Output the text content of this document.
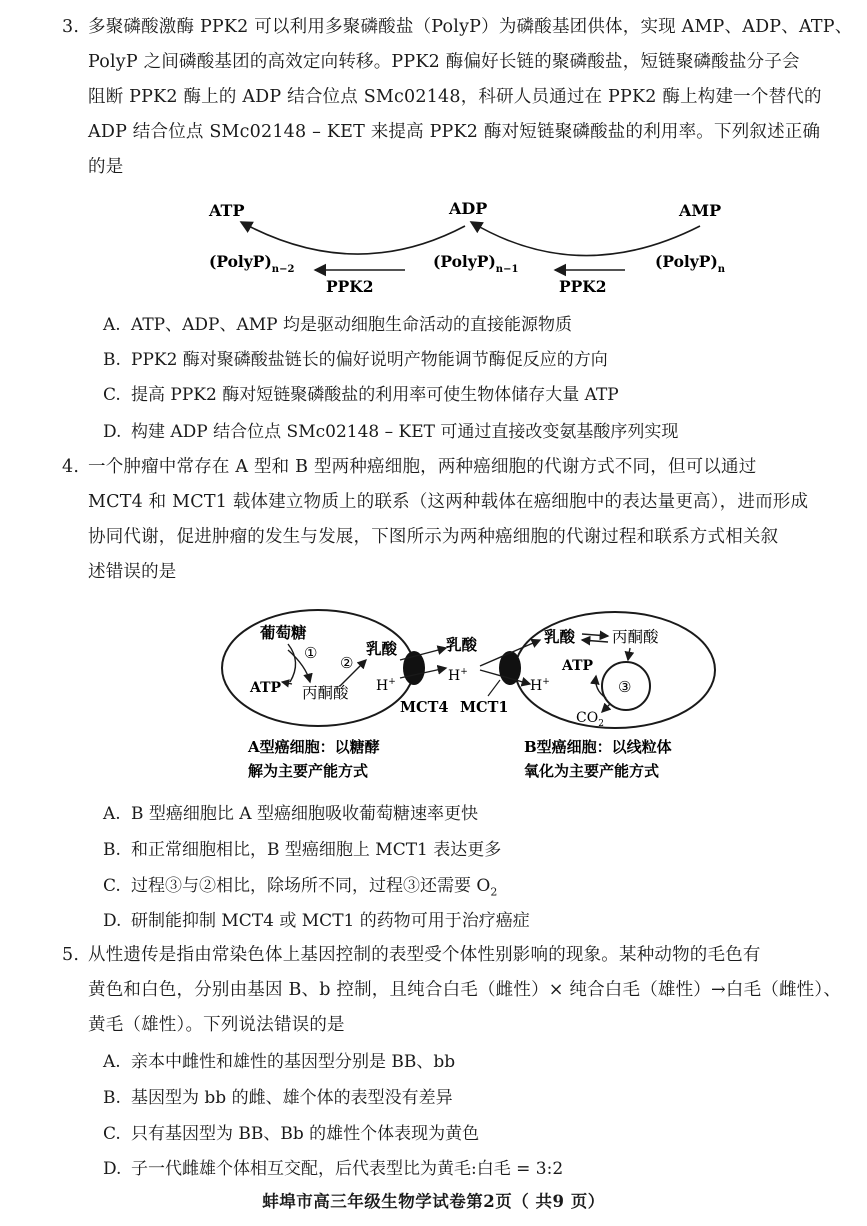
3. 多聚磷酸激酶 PPK2 可以利用多聚磷酸盐（PolyP）为磷酸基团供体，实现 AMP、ADP、ATP、
PolyP 之间磷酸基团的高效定向转移。PPK2 酶偏好长链的聚磷酸盐，短链聚磷酸盐分子会
阻断 PPK2 酶上的 ADP 结合位点 SMc02148，科研人员通过在 PPK2 酶上构建一个替代的
ADP 结合位点 SMc02148 – KET 来提高 PPK2 酶对短链聚磷酸盐的利用率。下列叙述正确
的是
ATP	ADP	AMP
$(PolyP)_{n-2}$	$(PolyP)_{n-1}$	$(PolyP)_n$
PPK2	PPK2
A. ATP、ADP、AMP 均是驱动细胞生命活动的直接能源物质
B. PPK2 酶对聚磷酸盐链长的偏好说明产物能调节酶促反应的方向
C. 提高 PPK2 酶对短链聚磷酸盐的利用率可使生物体储存大量 ATP
D. 构建 ADP 结合位点 SMc02148 – KET 可通过直接改变氨基酸序列实现
4. 一个肿瘤中常存在 A 型和 B 型两种癌细胞，两种癌细胞的代谢方式不同，但可以通过
MCT4 和 MCT1 载体建立物质上的联系（这两种载体在癌细胞中的表达量更高），进而形成
协同代谢，促进肿瘤的发生与发展，下图所示为两种癌细胞的代谢过程和联系方式相关叙
述错误的是
葡萄糖
①
ATP 丙酮酸
②
乳酸
H+
MCT4
乳酸
H+
MCT1
乳酸 丙酮酸
ATP
③
$CO_2$
H+
A型癌细胞：以糖酵
解为主要产能方式
B型癌细胞：以线粒体
氧化为主要产能方式
A. B 型癌细胞比 A 型癌细胞吸收葡萄糖速率更快
B. 和正常细胞相比，B 型癌细胞上 MCT1 表达更多
C. 过程③与②相比，除场所不同，过程③还需要 $O_2$
D. 研制能抑制 MCT4 或 MCT1 的药物可用于治疗癌症
5. 从性遗传是指由常染色体上基因控制的表型受个体性别影响的现象。某种动物的毛色有
黄色和白色，分别由基因 B、b 控制，且纯合白毛（雌性）× 纯合白毛（雄性）→白毛（雌性）、
黄毛（雄性）。下列说法错误的是
A. 亲本中雌性和雄性的基因型分别是 BB、bb
B. 基因型为 bb 的雌、雄个体的表型没有差异
C. 只有基因型为 BB、Bb 的雄性个体表现为黄色
D. 子一代雌雄个体相互交配，后代表型比为黄毛:白毛 = 3:2
蚌埠市高三年级生物学试卷第2页（ 共9 页）
